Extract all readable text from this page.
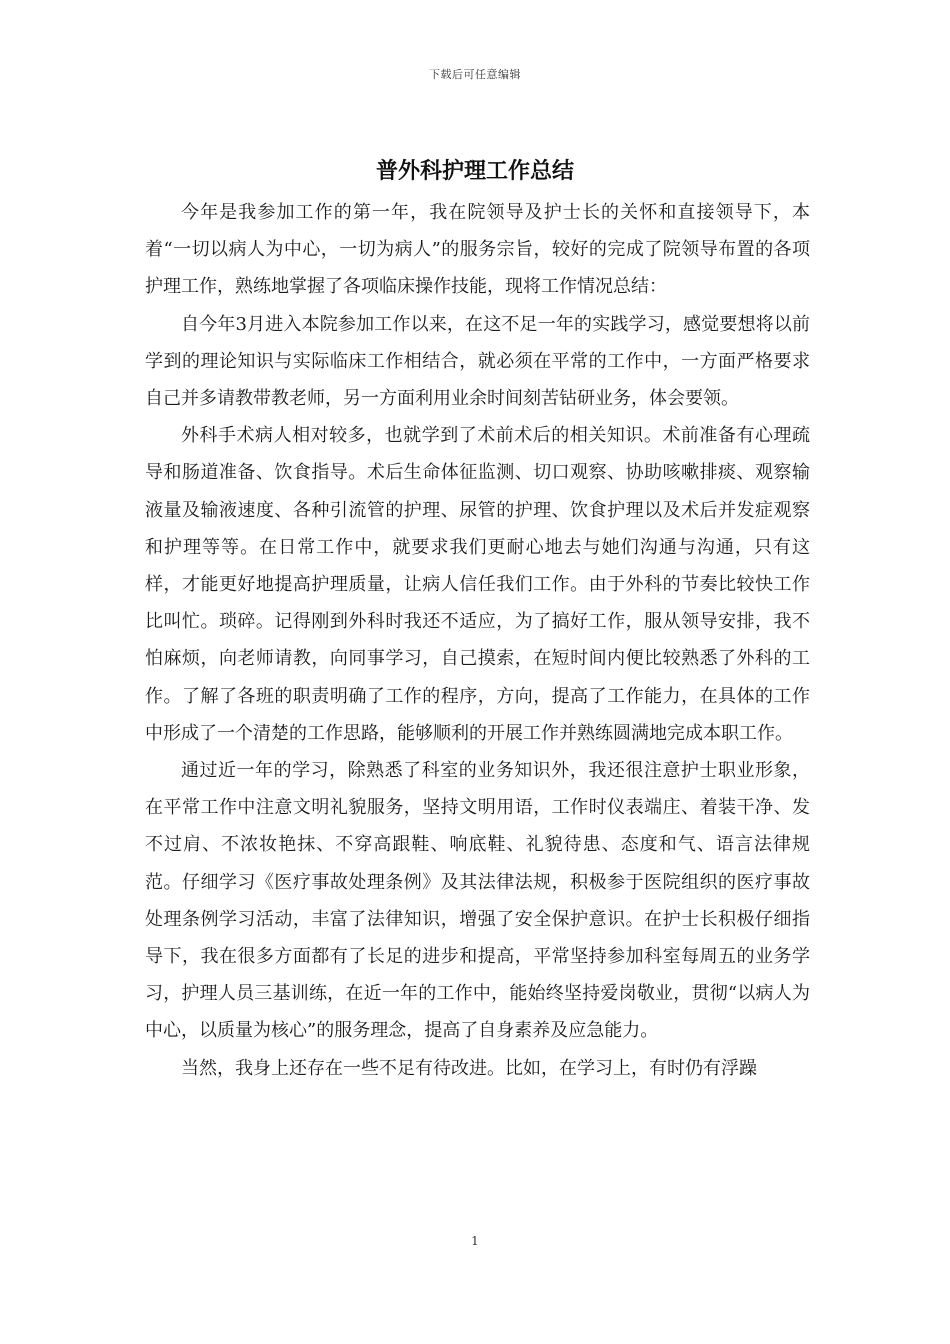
下载后可任意编辑
普外科护理工作总结

今年是我参加工作的第一年，我在院领导及护士长的关怀和直接领导下，本着“一切以病人为中心，一切为病人”的服务宗旨，较好的完成了院领导布置的各项护理工作，熟练地掌握了各项临床操作技能，现将工作情况总结：

自今年3月进入本院参加工作以来，在这不足一年的实践学习，感觉要想将以前学到的理论知识与实际临床工作相结合，就必须在平常的工作中，一方面严格要求自己并多请教带教老师，另一方面利用业余时间刻苦钻研业务，体会要领。

外科手术病人相对较多，也就学到了术前术后的相关知识。术前准备有心理疏导和肠道准备、饮食指导。术后生命体征监测、切口观察、协助咳嗽排痰、观察输液量及输液速度、各种引流管的护理、尿管的护理、饮食护理以及术后并发症观察和护理等等。在日常工作中，就要求我们更耐心地去与她们沟通与沟通，只有这样，才能更好地提高护理质量，让病人信任我们工作。由于外科的节奏比较快工作比叫忙。琐碎。记得刚到外科时我还不适应，为了搞好工作，服从领导安排，我不怕麻烦，向老师请教，向同事学习，自己摸索，在短时间内便比较熟悉了外科的工作。了解了各班的职责明确了工作的程序，方向，提高了工作能力，在具体的工作中形成了一个清楚的工作思路，能够顺利的开展工作并熟练圆满地完成本职工作。

通过近一年的学习，除熟悉了科室的业务知识外，我还很注意护士职业形象，在平常工作中注意文明礼貌服务，坚持文明用语，工作时仪表端庄、着装干净、发不过肩、不浓妆艳抹、不穿高跟鞋、响底鞋、礼貌待患、态度和气、语言法律规范。仔细学习《医疗事故处理条例》及其法律法规，积极参于医院组织的医疗事故处理条例学习活动，丰富了法律知识，增强了安全保护意识。在护士长积极仔细指导下，我在很多方面都有了长足的进步和提高，平常坚持参加科室每周五的业务学习，护理人员三基训练，在近一年的工作中，能始终坚持爱岗敬业，贯彻“以病人为中心，以质量为核心”的服务理念，提高了自身素养及应急能力。

当然，我身上还存在一些不足有待改进。比如，在学习上，有时仍有浮躁

1
